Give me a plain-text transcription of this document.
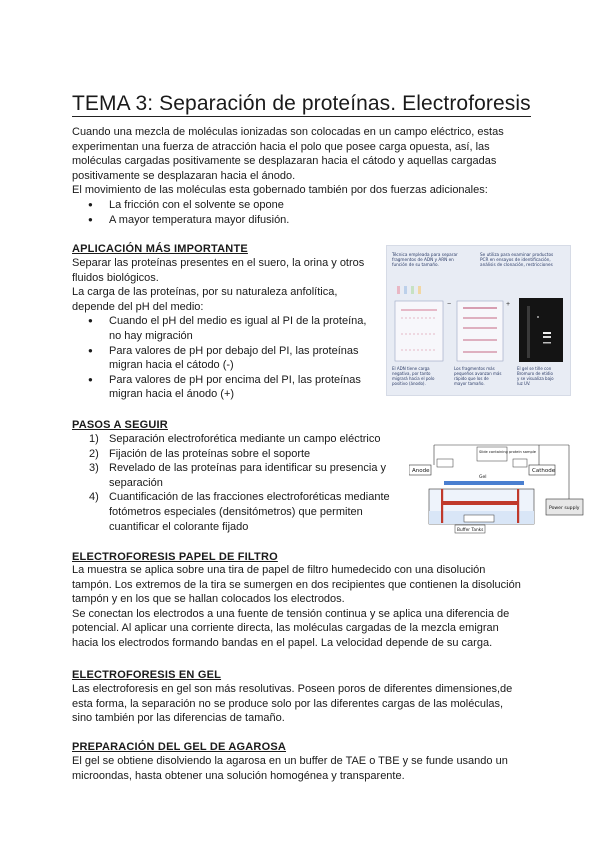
TEMA 3: Separación de proteínas. Electroforesis
Cuando una mezcla de moléculas ionizadas son colocadas en un campo eléctrico, estas
experimentan una fuerza de atracción hacia el polo que posee carga opuesta, así, las
moléculas cargadas positivamente se desplazaran hacia el cátodo y aquellas cargadas
positivamente se desplazaran hacia el ánodo.
El movimiento de las moléculas esta gobernado también por dos fuerzas adicionales:
● La fricción con el solvente se opone
● A mayor temperatura mayor difusión.
APLICACIÓN MÁS IMPORTANTE
Separar las proteínas presentes en el suero, la orina y otros
fluidos biológicos.
La carga de las proteínas, por su naturaleza anfolítica,
depende del pH del medio:
● Cuando el pH del medio es igual al PI de la proteína,
no hay migración
● Para valores de pH por debajo del PI, las proteínas
migran hacia el cátodo (-)
● Para valores de pH por encima del PI, las proteínas
migran hacia el ánodo (+)
Técnica empleada para separar
fragmentos de ADN y ARN en
función de su tamaño.
Se utiliza para examinar productos
PCR en ensayos de identificación,
análisis de clonación, restricciones
−	+
El ADN tiene carga
negativa, por tanto
migrará hacia el polo
positivo (ánodo).
Los fragmentos más
pequeños avanzan más
rápido que los de
mayor tamaño.
El gel se tiñe con
Bromuro de etidio
y se visualiza bajo
luz UV.
PASOS A SEGUIR
1) Separación electroforética mediante un campo eléctrico
2) Fijación de las proteínas sobre el soporte
3) Revelado de las proteínas para identificar su presencia y
separación
4) Cuantificación de las fracciones electroforéticas mediante
fotómetros especiales (densitómetros) que permiten
cuantificar el colorante fijado
Anode	Cathode
Slide containing protein sample
Gel
Buffer Tanks
Power supply
ELECTROFORESIS PAPEL DE FILTRO
La muestra se aplica sobre una tira de papel de filtro humedecido con una disolución
tampón. Los extremos de la tira se sumergen en dos recipientes que contienen la disolución
tampón y en los que se hallan colocados los electrodos.
Se conectan los electrodos a una fuente de tensión continua y se aplica una diferencia de
potencial. Al aplicar una corriente directa, las moléculas cargadas de la mezcla emigran
hacia los electrodos formando bandas en el papel. La velocidad depende de su carga.
ELECTROFORESIS EN GEL
Las electroforesis en gel son más resolutivas. Poseen poros de diferentes dimensiones,de
esta forma, la separación no se produce solo por las diferentes cargas de las moléculas,
sino también por las diferencias de tamaño.
PREPARACIÓN DEL GEL DE AGAROSA
El gel se obtiene disolviendo la agarosa en un buffer de TAE o TBE y se funde usando un
microondas, hasta obtener una solución homogénea y transparente.
